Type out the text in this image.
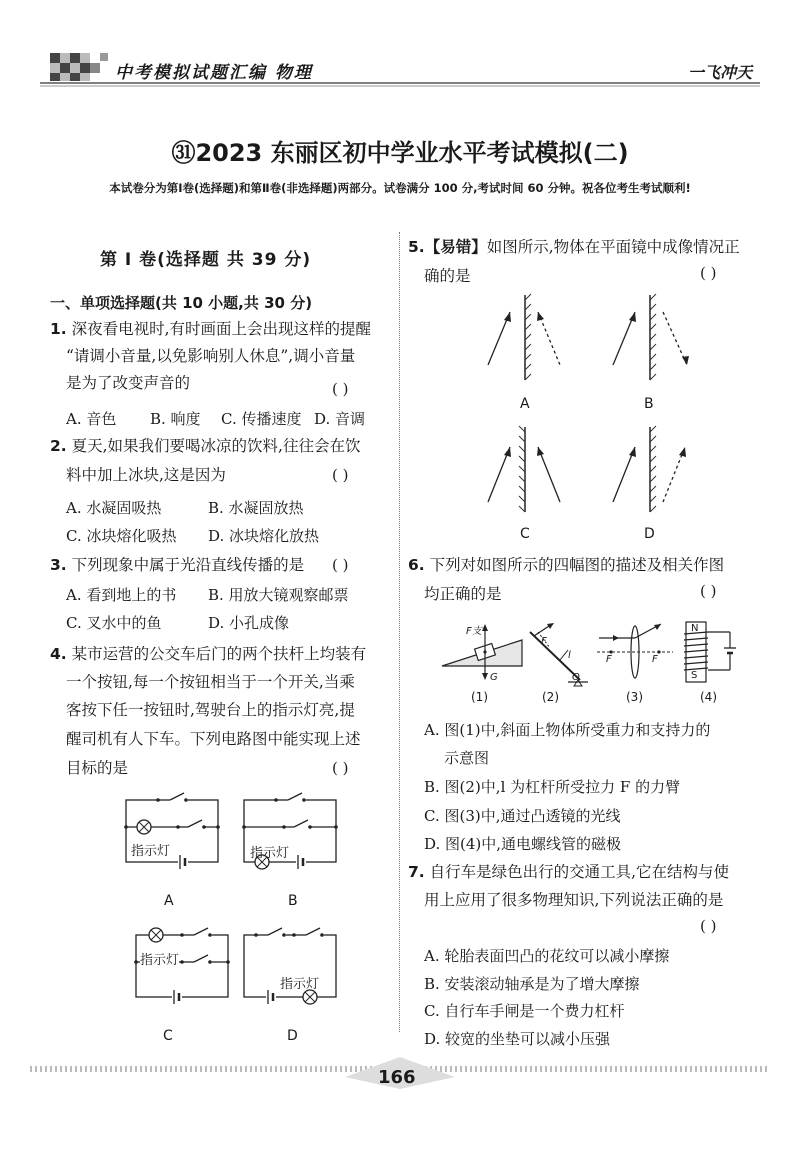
中考模拟试题汇编 物理	一飞冲天
㉛2023 东丽区初中学业水平考试模拟(二)
本试卷分为第Ⅰ卷(选择题)和第Ⅱ卷(非选择题)两部分。试卷满分 100 分,考试时间 60 分钟。祝各位考生考试顺利!
第 Ⅰ 卷(选择题 共 39 分)
一、单项选择题(共 10 小题,共 30 分)
1. 深夜看电视时,有时画面上会出现这样的提醒
“请调小音量,以免影响别人休息”,调小音量
是为了改变声音的	( )
A. 音色 B. 响度 C. 传播速度 D. 音调
2. 夏天,如果我们要喝冰凉的饮料,往往会在饮
料中加上冰块,这是因为	( )
A. 水凝固吸热	B. 水凝固放热
C. 冰块熔化吸热 D. 冰块熔化放热
3. 下列现象中属于光沿直线传播的是 ( )
A. 看到地上的书 B. 用放大镜观察邮票
C. 叉水中的鱼	D. 小孔成像
4. 某市运营的公交车后门的两个扶杆上均装有
一个按钮,每一个按钮相当于一个开关,当乘
客按下任一按钮时,驾驶台上的指示灯亮,提
醒司机有人下车。下列电路图中能实现上述
目标的是	( )
指示灯
A
指示灯
B
指示灯
C
指示灯
D
5.【易错】如图所示,物体在平面镜中成像情况正
确的是	( )
A	B
C	D
6. 下列对如图所示的四幅图的描述及相关作图
均正确的是	( )
F支
G
(1)
F
l
O
(2)
F	F
(3)
N
S
(4)
A. 图(1)中,斜面上物体所受重力和支持力的
示意图
B. 图(2)中,l 为杠杆所受拉力 F 的力臂
C. 图(3)中,通过凸透镜的光线
D. 图(4)中,通电螺线管的磁极
7. 自行车是绿色出行的交通工具,它在结构与使
用上应用了很多物理知识,下列说法正确的是
( )
A. 轮胎表面凹凸的花纹可以减小摩擦
B. 安装滚动轴承是为了增大摩擦
C. 自行车手闸是一个费力杠杆
D. 较宽的坐垫可以减小压强
166
